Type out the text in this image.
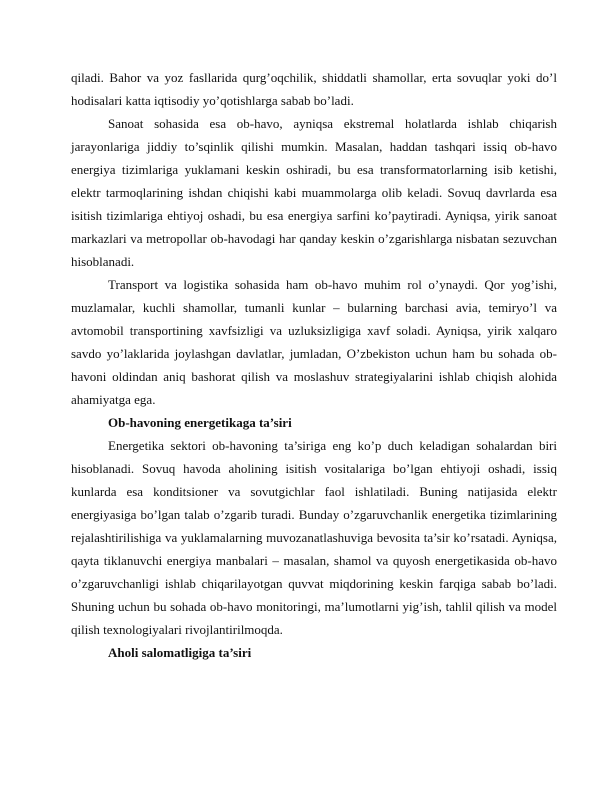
qiladi. Bahor va yoz fasllarida qurg’oqchilik, shiddatli shamollar, erta sovuqlar yoki do’l hodisalari katta iqtisodiy yo’qotishlarga sabab bo’ladi.

Sanoat sohasida esa ob-havo, ayniqsa ekstremal holatlarda ishlab chiqarish jarayonlariga jiddiy to’sqinlik qilishi mumkin. Masalan, haddan tashqari issiq ob-havo energiya tizimlariga yuklamani keskin oshiradi, bu esa transformatorlarning isib ketishi, elektr tarmoqlarining ishdan chiqishi kabi muammolarga olib keladi. Sovuq davrlarda esa isitish tizimlariga ehtiyoj oshadi, bu esa energiya sarfini ko’paytiradi. Ayniqsa, yirik sanoat markazlari va metropollar ob-havodagi har qanday keskin o’zgarishlarga nisbatan sezuvchan hisoblanadi.

Transport va logistika sohasida ham ob-havo muhim rol o’ynaydi. Qor yog’ishi, muzlamalar, kuchli shamollar, tumanli kunlar – bularning barchasi avia, temiryo’l va avtomobil transportining xavfsizligi va uzluksizligiga xavf soladi. Ayniqsa, yirik xalqaro savdo yo’laklarida joylashgan davlatlar, jumladan, O’zbekiston uchun ham bu sohada ob-havoni oldindan aniq bashorat qilish va moslashuv strategiyalarini ishlab chiqish alohida ahamiyatga ega.

Ob-havoning energetikaga ta’siri

Energetika sektori ob-havoning ta’siriga eng ko’p duch keladigan sohalardan biri hisoblanadi. Sovuq havoda aholining isitish vositalariga bo’lgan ehtiyoji oshadi, issiq kunlarda esa konditsioner va sovutgichlar faol ishlatiladi. Buning natijasida elektr energiyasiga bo’lgan talab o’zgarib turadi. Bunday o’zgaruvchanlik energetika tizimlarining rejalashtirilishiga va yuklamalarning muvozanatlashuviga bevosita ta’sir ko’rsatadi. Ayniqsa, qayta tiklanuvchi energiya manbalari – masalan, shamol va quyosh energetikasida ob-havo o’zgaruvchanligi ishlab chiqarilayotgan quvvat miqdorining keskin farqiga sabab bo’ladi. Shuning uchun bu sohada ob-havo monitoringi, ma’lumotlarni yig’ish, tahlil qilish va model qilish texnologiyalari rivojlantirilmoqda.

Aholi salomatligiga ta’siri
